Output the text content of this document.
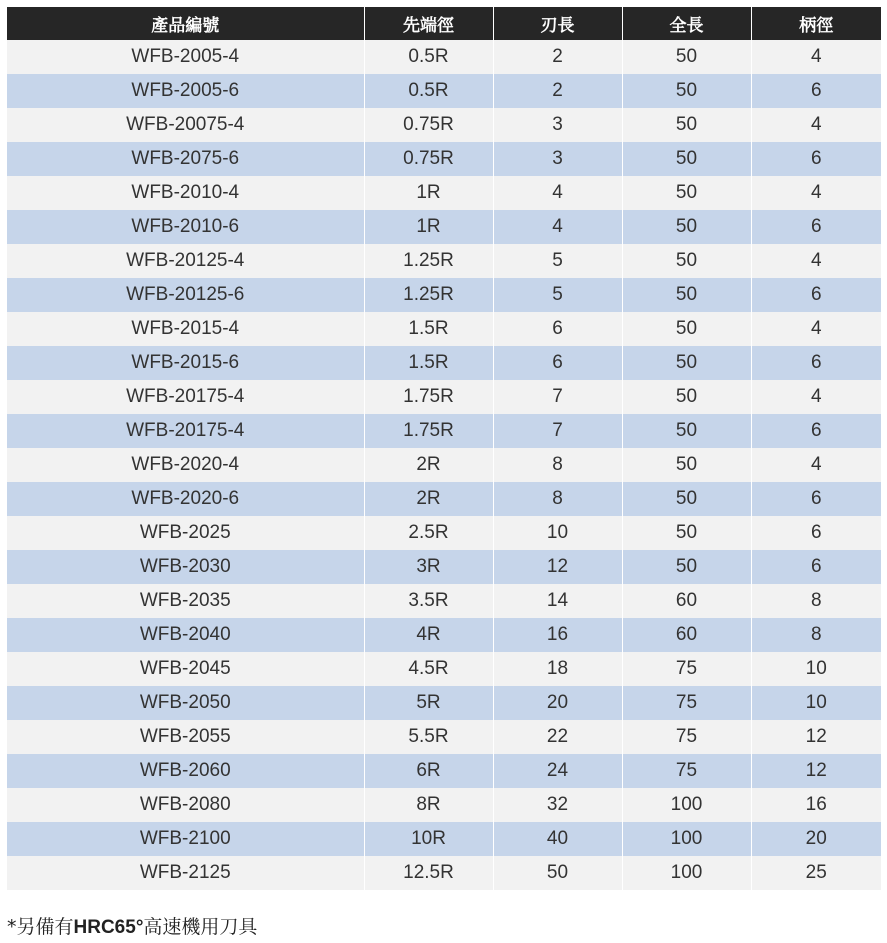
產品編號	先端徑	刃長	全長	柄徑
WFB-2005-4	0.5R	2	50	4
WFB-2005-6	0.5R	2	50	6
WFB-20075-4	0.75R	3	50	4
WFB-2075-6	0.75R	3	50	6
WFB-2010-4	1R	4	50	4
WFB-2010-6	1R	4	50	6
WFB-20125-4	1.25R	5	50	4
WFB-20125-6	1.25R	5	50	6
WFB-2015-4	1.5R	6	50	4
WFB-2015-6	1.5R	6	50	6
WFB-20175-4	1.75R	7	50	4
WFB-20175-4	1.75R	7	50	6
WFB-2020-4	2R	8	50	4
WFB-2020-6	2R	8	50	6
WFB-2025	2.5R	10	50	6
WFB-2030	3R	12	50	6
WFB-2035	3.5R	14	60	8
WFB-2040	4R	16	60	8
WFB-2045	4.5R	18	75	10
WFB-2050	5R	20	75	10
WFB-2055	5.5R	22	75	12
WFB-2060	6R	24	75	12
WFB-2080	8R	32	100	16
WFB-2100	10R	40	100	20
WFB-2125	12.5R	50	100	25
*另備有HRC65°高速機用刀具
